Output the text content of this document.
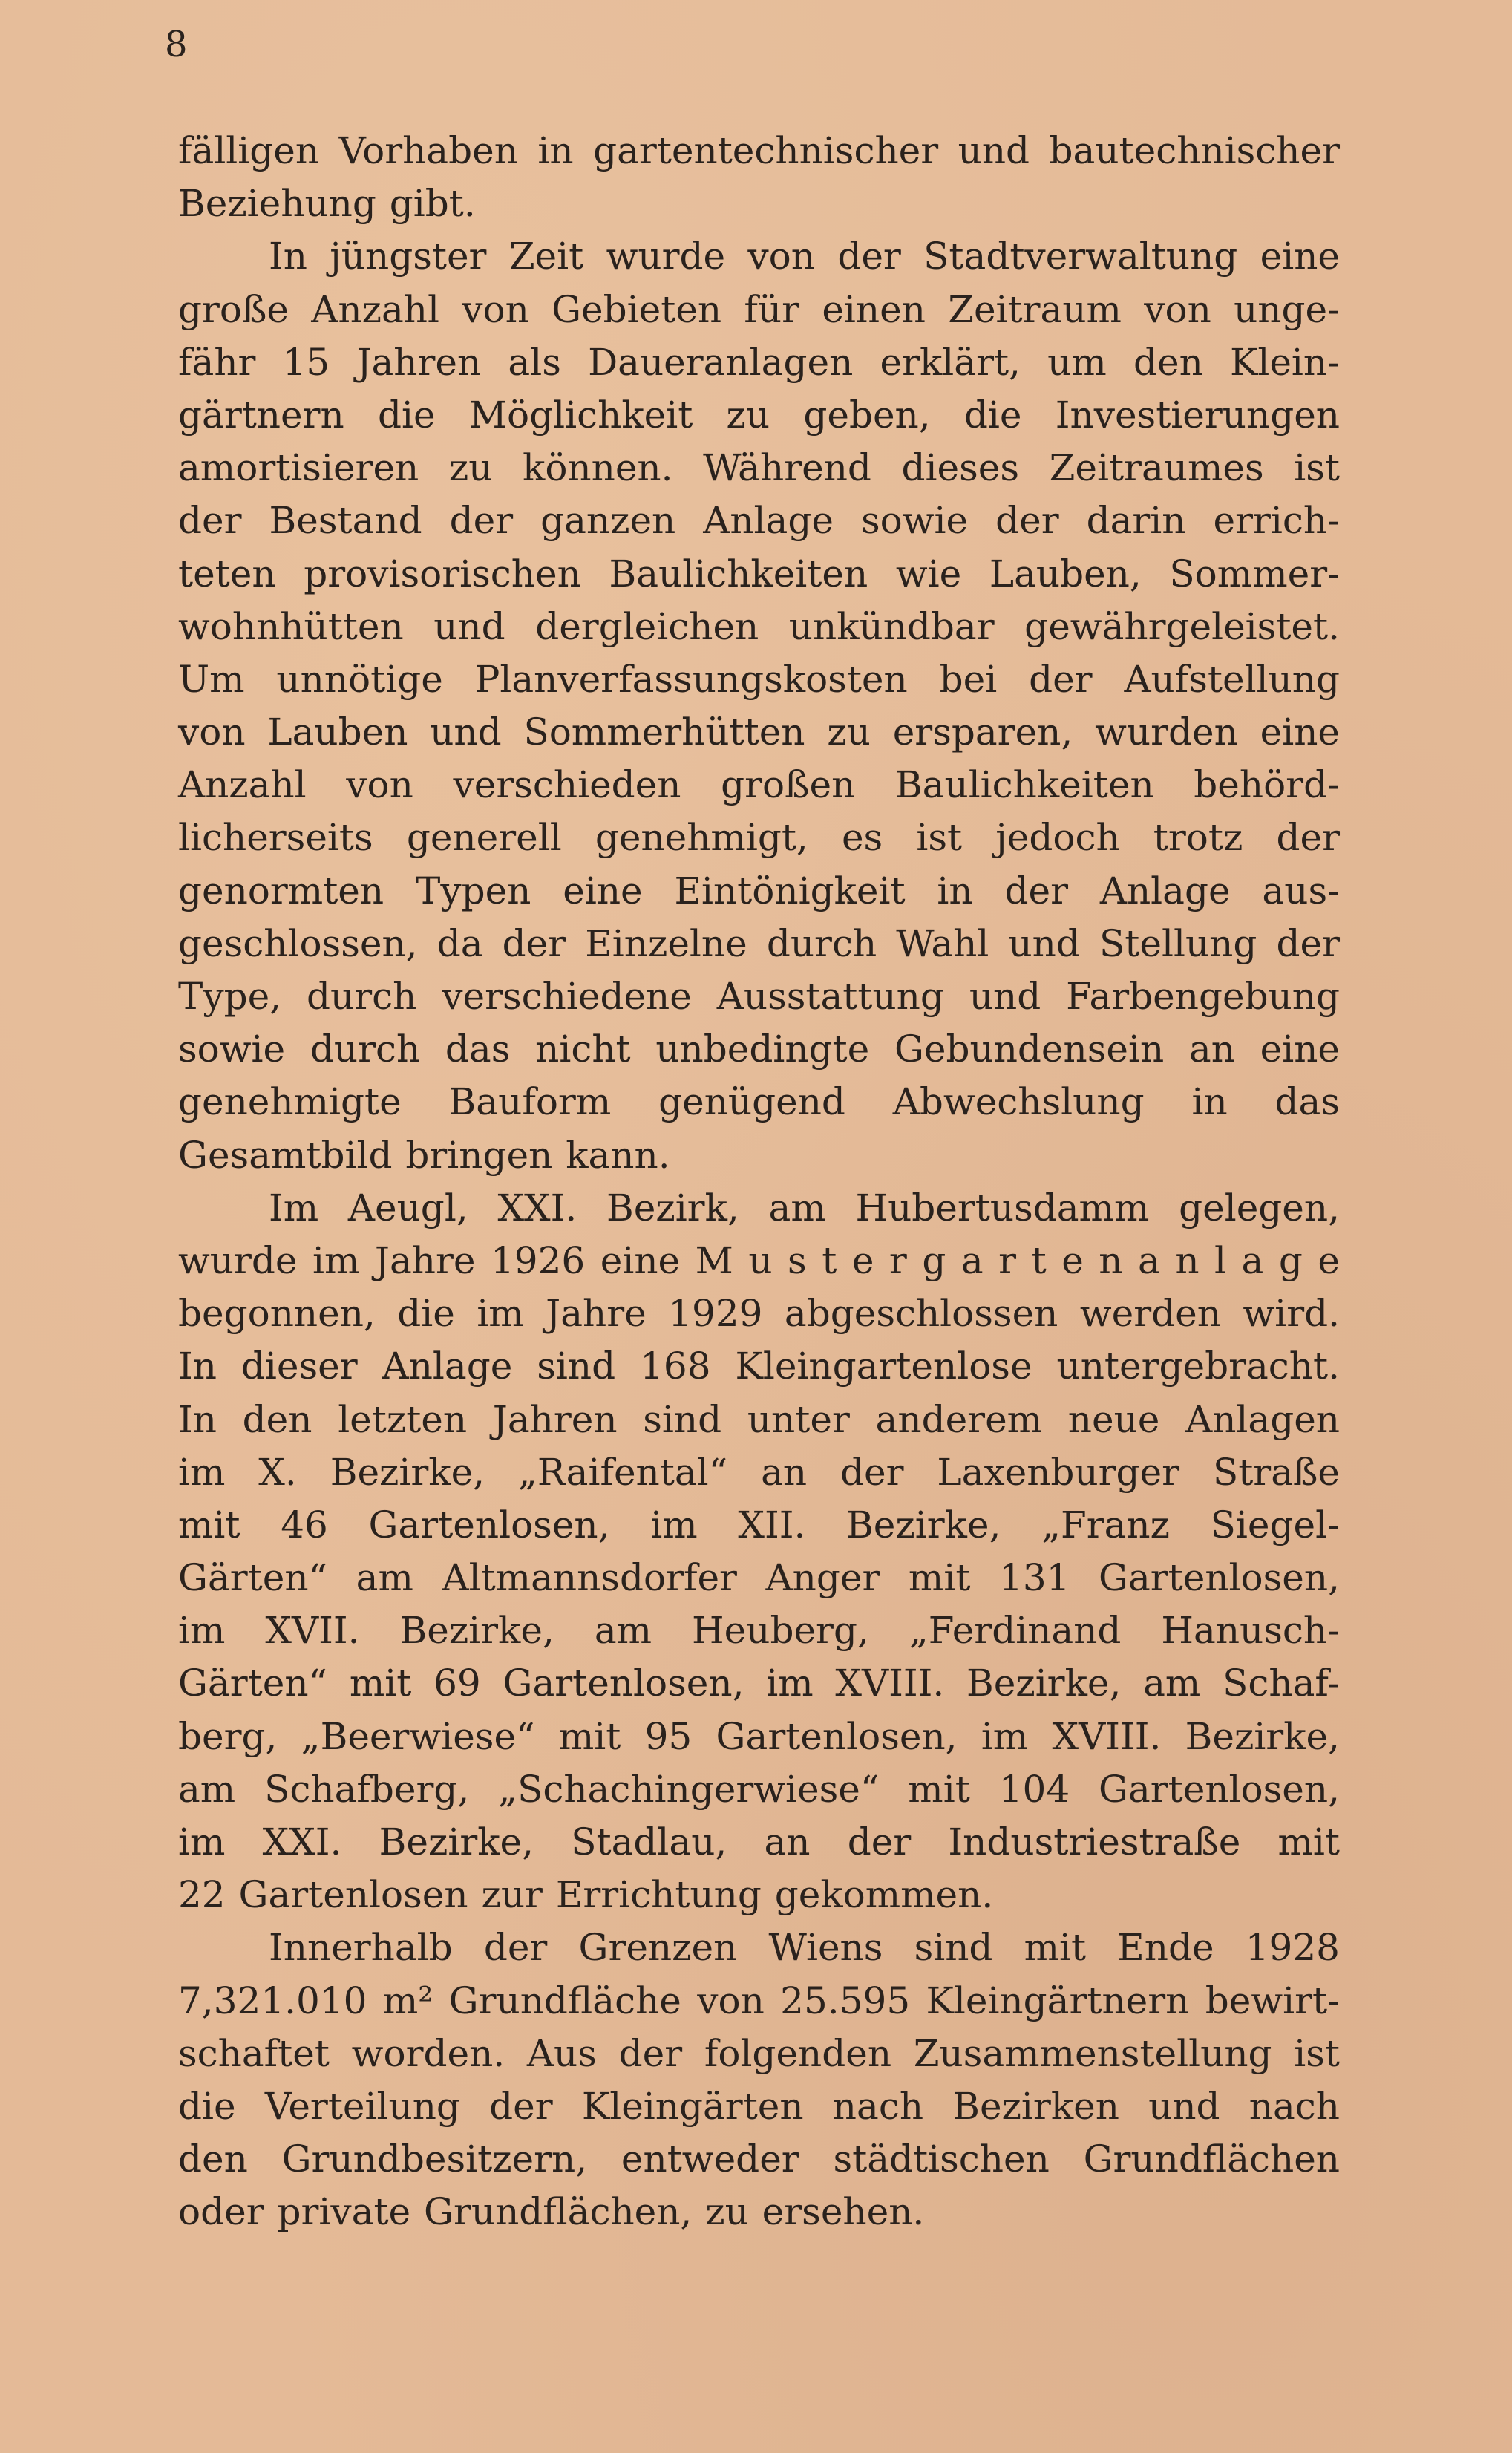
8
fälligen Vorhaben in gartentechnischer und bautechnischer
Beziehung gibt.
In jüngster Zeit wurde von der Stadtverwaltung eine
große Anzahl von Gebieten für einen Zeitraum von unge-
fähr 15 Jahren als Daueranlagen erklärt, um den Klein-
gärtnern die Möglichkeit zu geben, die Investierungen
amortisieren zu können. Während dieses Zeitraumes ist
der Bestand der ganzen Anlage sowie der darin errich-
teten provisorischen Baulichkeiten wie Lauben, Sommer-
wohnhütten und dergleichen unkündbar gewährgeleistet.
Um unnötige Planverfassungskosten bei der Aufstellung
von Lauben und Sommerhütten zu ersparen, wurden eine
Anzahl von verschieden großen Baulichkeiten behörd-
licherseits generell genehmigt, es ist jedoch trotz der
genormten Typen eine Eintönigkeit in der Anlage aus-
geschlossen, da der Einzelne durch Wahl und Stellung der
Type, durch verschiedene Ausstattung und Farbengebung
sowie durch das nicht unbedingte Gebundensein an eine
genehmigte Bauform genügend Abwechslung in das
Gesamtbild bringen kann.
Im Aeugl, XXI. Bezirk, am Hubertusdamm gelegen,
wurde im Jahre 1926 eine M u s t e r g a r t e n a n l a g e
begonnen, die im Jahre 1929 abgeschlossen werden wird.
In dieser Anlage sind 168 Kleingartenlose untergebracht.
In den letzten Jahren sind unter anderem neue Anlagen
im X. Bezirke, „Raifental“ an der Laxenburger Straße
mit 46 Gartenlosen, im XII. Bezirke, „Franz Siegel-
Gärten“ am Altmannsdorfer Anger mit 131 Gartenlosen,
im XVII. Bezirke, am Heuberg, „Ferdinand Hanusch-
Gärten“ mit 69 Gartenlosen, im XVIII. Bezirke, am Schaf-
berg, „Beerwiese“ mit 95 Gartenlosen, im XVIII. Bezirke,
am Schafberg, „Schachingerwiese“ mit 104 Gartenlosen,
im XXI. Bezirke, Stadlau, an der Industriestraße mit
22 Gartenlosen zur Errichtung gekommen.
Innerhalb der Grenzen Wiens sind mit Ende 1928
7,321.010 m² Grundfläche von 25.595 Kleingärtnern bewirt-
schaftet worden. Aus der folgenden Zusammenstellung ist
die Verteilung der Kleingärten nach Bezirken und nach
den Grundbesitzern, entweder städtischen Grundflächen
oder private Grundflächen, zu ersehen.
